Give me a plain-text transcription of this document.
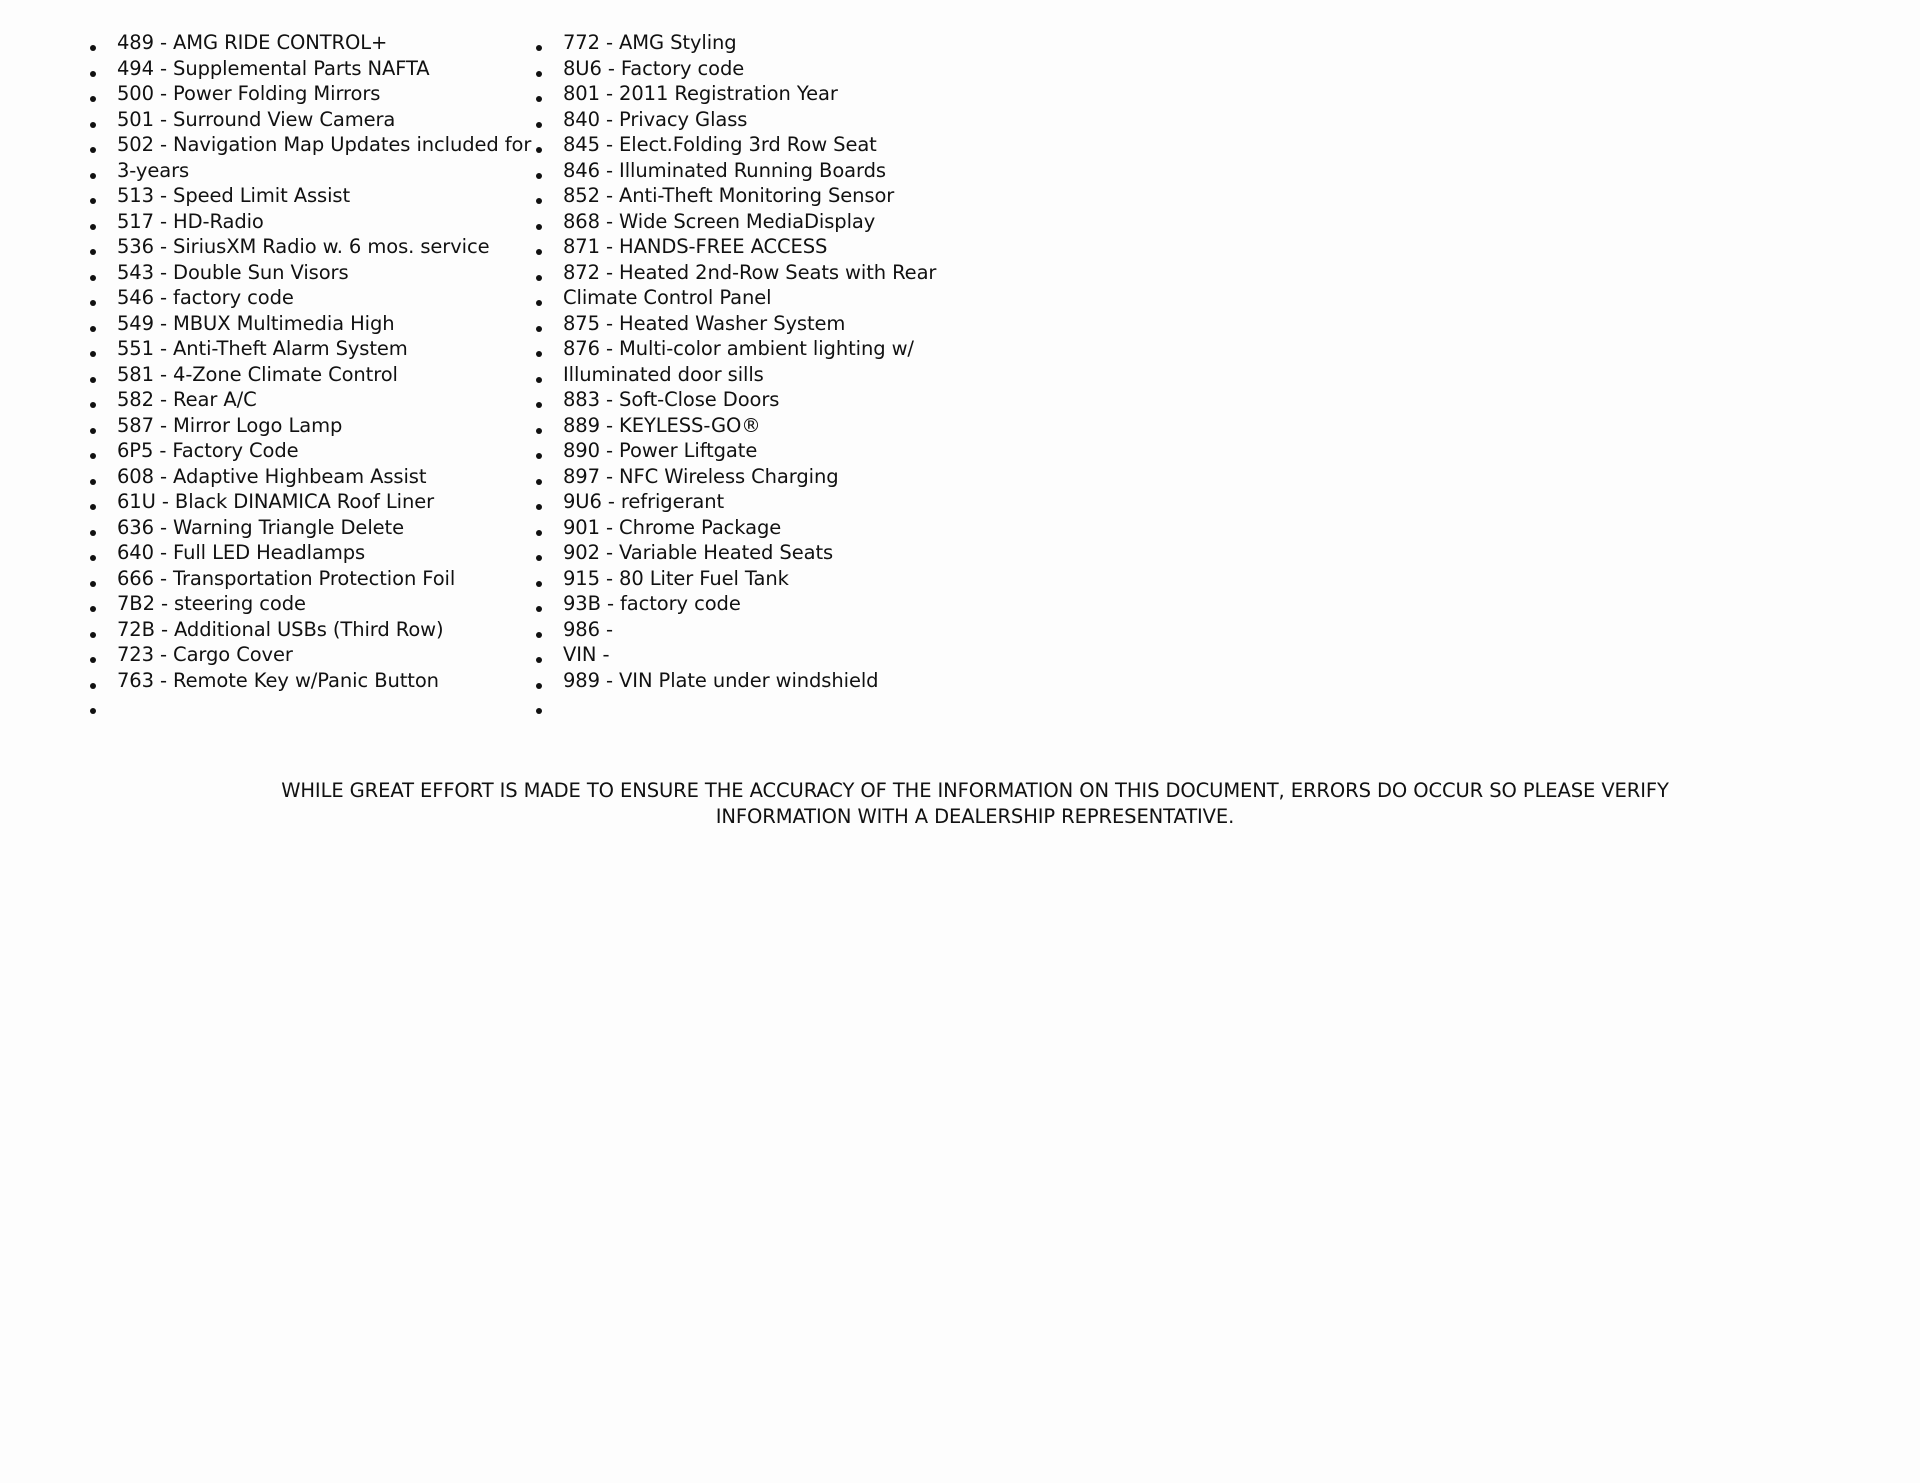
489 - AMG RIDE CONTROL+
494 - Supplemental Parts NAFTA
500 - Power Folding Mirrors
501 - Surround View Camera
502 - Navigation Map Updates included for
3-years
513 - Speed Limit Assist
517 - HD-Radio
536 - SiriusXM Radio w. 6 mos. service
543 - Double Sun Visors
546 - factory code
549 - MBUX Multimedia High
551 - Anti-Theft Alarm System
581 - 4-Zone Climate Control
582 - Rear A/C
587 - Mirror Logo Lamp
6P5 - Factory Code
608 - Adaptive Highbeam Assist
61U - Black DINAMICA Roof Liner
636 - Warning Triangle Delete
640 - Full LED Headlamps
666 - Transportation Protection Foil
7B2 - steering code
72B - Additional USBs (Third Row)
723 - Cargo Cover
763 - Remote Key w/Panic Button
772 - AMG Styling
8U6 - Factory code
801 - 2011 Registration Year
840 - Privacy Glass
845 - Elect.Folding 3rd Row Seat
846 - Illuminated Running Boards
852 - Anti-Theft Monitoring Sensor
868 - Wide Screen MediaDisplay
871 - HANDS-FREE ACCESS
872 - Heated 2nd-Row Seats with Rear
Climate Control Panel
875 - Heated Washer System
876 - Multi-color ambient lighting w/
Illuminated door sills
883 - Soft-Close Doors
889 - KEYLESS-GO®
890 - Power Liftgate
897 - NFC Wireless Charging
9U6 - refrigerant
901 - Chrome Package
902 - Variable Heated Seats
915 - 80 Liter Fuel Tank
93B - factory code
986 -
VIN -
989 - VIN Plate under windshield
WHILE GREAT EFFORT IS MADE TO ENSURE THE ACCURACY OF THE INFORMATION ON THIS DOCUMENT, ERRORS DO OCCUR SO PLEASE VERIFY
INFORMATION WITH A DEALERSHIP REPRESENTATIVE.
